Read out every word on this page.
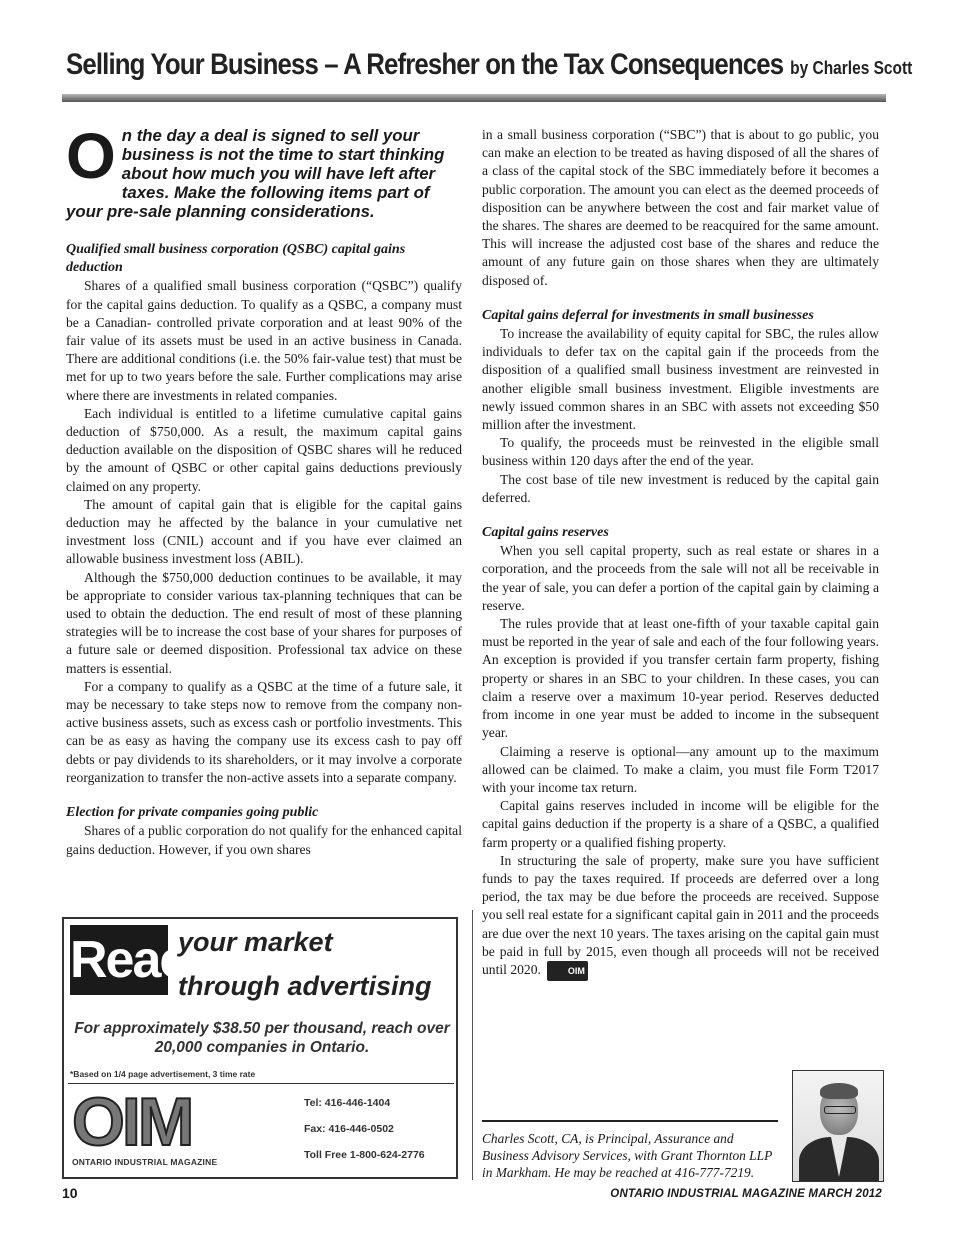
Selling Your Business – A Refresher on the Tax Consequences by Charles Scott
On the day a deal is signed to sell your business is not the time to start thinking about how much you will have left after taxes. Make the following items part of your pre-sale planning considerations.
Qualified small business corporation (QSBC) capital gains deduction

Shares of a qualified small business corporation (“QSBC”) qualify for the capital gains deduction. To qualify as a QSBC, a company must be a Canadian- controlled private corporation and at least 90% of the fair value of its assets must be used in an active business in Canada. There are additional conditions (i.e. the 50% fair-value test) that must be met for up to two years before the sale. Further complications may arise where there are investments in related companies.

Each individual is entitled to a lifetime cumulative capital gains deduction of $750,000. As a result, the maximum capital gains deduction available on the disposition of QSBC shares will he reduced by the amount of QSBC or other capital gains deductions previously claimed on any property.

The amount of capital gain that is eligible for the capital gains deduction may he affected by the balance in your cumulative net investment loss (CNIL) account and if you have ever claimed an allowable business investment loss (ABIL).

Although the $750,000 deduction continues to be available, it may be appropriate to consider various tax-planning techniques that can be used to obtain the deduction. The end result of most of these planning strategies will be to increase the cost base of your shares for purposes of a future sale or deemed disposition. Professional tax advice on these matters is essential.

For a company to qualify as a QSBC at the time of a future sale, it may be necessary to take steps now to remove from the company non-active business assets, such as excess cash or portfolio investments. This can be as easy as having the company use its excess cash to pay off debts or pay dividends to its shareholders, or it may involve a corporate reorganization to transfer the non-active assets into a separate company.

Election for private companies going public

Shares of a public corporation do not qualify for the enhanced capital gains deduction. However, if you own shares

in a small business corporation (“SBC”) that is about to go public, you can make an election to be treated as having disposed of all the shares of a class of the capital stock of the SBC immediately before it becomes a public corporation. The amount you can elect as the deemed proceeds of disposition can be anywhere between the cost and fair market value of the shares. The shares are deemed to be reacquired for the same amount. This will increase the adjusted cost base of the shares and reduce the amount of any future gain on those shares when they are ultimately disposed of.

Capital gains deferral for investments in small businesses

To increase the availability of equity capital for SBC, the rules allow individuals to defer tax on the capital gain if the proceeds from the disposition of a qualified small business investment are reinvested in another eligible small business investment. Eligible investments are newly issued common shares in an SBC with assets not exceeding $50 million after the investment.

To qualify, the proceeds must be reinvested in the eligible small business within 120 days after the end of the year.

The cost base of tile new investment is reduced by the capital gain deferred.

Capital gains reserves

When you sell capital property, such as real estate or shares in a corporation, and the proceeds from the sale will not all be receivable in the year of sale, you can defer a portion of the capital gain by claiming a reserve.

The rules provide that at least one-fifth of your taxable capital gain must be reported in the year of sale and each of the four following years. An exception is provided if you transfer certain farm property, fishing property or shares in an SBC to your children. In these cases, you can claim a reserve over a maximum 10-year period. Reserves deducted from income in one year must be added to income in the subsequent year.

Claiming a reserve is optional—any amount up to the maximum allowed can be claimed. To make a claim, you must file Form T2017 with your income tax return.

Capital gains reserves included in income will be eligible for the capital gains deduction if the property is a share of a QSBC, a qualified farm property or a qualified fishing property.

In structuring the sale of property, make sure you have sufficient funds to pay the taxes required. If proceeds are deferred over a long period, the tax may be due before the proceeds are received. Suppose you sell real estate for a significant capital gain in 2011 and the proceeds are due over the next 10 years. The taxes arising on the capital gain must be paid in full by 2015, even though all proceeds will not be received until 2020.	OIM

Reach
your market
through advertising
For approximately $38.50 per thousand, reach over 20,000 companies in Ontario.
*Based on 1/4 page advertisement, 3 time rate
OIM
ONTARIO INDUSTRIAL MAGAZINE
Tel: 416-446-1404
Fax: 416-446-0502
Toll Free 1-800-624-2776
Charles Scott, CA, is Principal, Assurance and Business Advisory Services, with Grant Thornton LLP in Markham. He may be reached at 416-777-7219.
10	ONTARIO INDUSTRIAL MAGAZINE MARCH 2012
